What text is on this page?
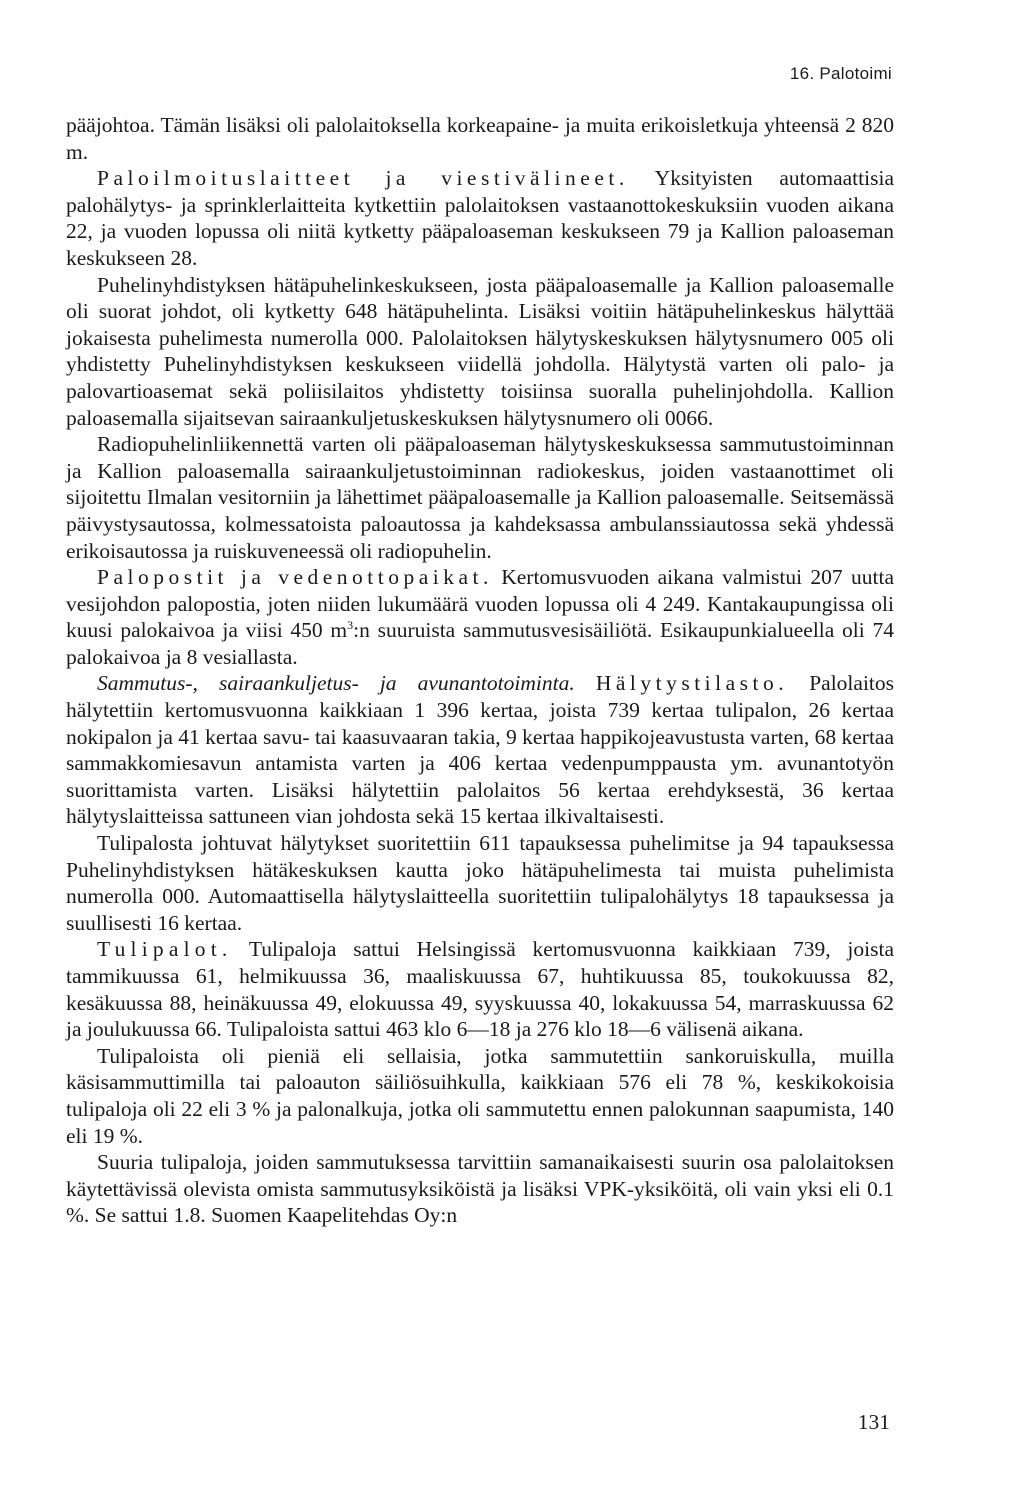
16. Palotoimi

pääjohtoa. Tämän lisäksi oli palolaitoksella korkeapaine- ja muita erikoisletkuja yhteensä 2 820 m.

Paloilmoituslaitteet ja viestivälineet. Yksityisten automaattisia palohälytys- ja sprinklerlaitteita kytkettiin palolaitoksen vastaanottokeskuksiin vuoden aikana 22, ja vuoden lopussa oli niitä kytketty pääpaloaseman keskukseen 79 ja Kallion paloaseman keskukseen 28.

Puhelinyhdistyksen hätäpuhelinkeskukseen, josta pääpaloasemalle ja Kallion paloasemalle oli suorat johdot, oli kytketty 648 hätäpuhelinta. Lisäksi voitiin hätäpuhelinkeskus hälyttää jokaisesta puhelimesta numerolla 000. Palolaitoksen hälytyskeskuksen hälytysnumero 005 oli yhdistetty Puhelinyhdistyksen keskukseen viidellä johdolla. Hälytystä varten oli palo- ja palovartioasemat sekä poliisilaitos yhdistetty toisiinsa suoralla puhelinjohdolla. Kallion paloasemalla sijaitsevan sairaankuljetuskeskuksen hälytysnumero oli 0066.

Radiopuhelinliikennettä varten oli pääpaloaseman hälytyskeskuksessa sammutustoiminnan ja Kallion paloasemalla sairaankuljetustoiminnan radiokeskus, joiden vastaanottimet oli sijoitettu Ilmalan vesitorniin ja lähettimet pääpaloasemalle ja Kallion paloasemalle. Seitsemässä päivystysautossa, kolmessatoista paloautossa ja kahdeksassa ambulanssiautossa sekä yhdessä erikoisautossa ja ruiskuveneessä oli radiopuhelin.

Palopostit ja vedenottopaikat. Kertomusvuoden aikana valmistui 207 uutta vesijohdon palopostia, joten niiden lukumäärä vuoden lopussa oli 4 249. Kantakaupungissa oli kuusi palokaivoa ja viisi 450 $m^3:n$ suuruista sammutusvesisäiliötä. Esikaupunkialueella oli 74 palokaivoa ja 8 vesiallasta.

Sammutus-, sairaankuljetus- ja avunantotoiminta. Hälytystilasto. Palolaitos hälytettiin kertomusvuonna kaikkiaan 1 396 kertaa, joista 739 kertaa tulipalon, 26 kertaa nokipalon ja 41 kertaa savu- tai kaasuvaaran takia, 9 kertaa happikojeavustusta varten, 68 kertaa sammakkomiesavun antamista varten ja 406 kertaa vedenpumppausta ym. avunantotyön suorittamista varten. Lisäksi hälytettiin palolaitos 56 kertaa erehdyksestä, 36 kertaa hälytyslaitteissa sattuneen vian johdosta sekä 15 kertaa ilkivaltaisesti.

Tulipalosta johtuvat hälytykset suoritettiin 611 tapauksessa puhelimitse ja 94 tapauksessa Puhelinyhdistyksen hätäkeskuksen kautta joko hätäpuhelimesta tai muista puhelimista numerolla 000. Automaattisella hälytyslaitteella suoritettiin tulipalohälytys 18 tapauksessa ja suullisesti 16 kertaa.

Tulipalot. Tulipaloja sattui Helsingissä kertomusvuonna kaikkiaan 739, joista tammikuussa 61, helmikuussa 36, maaliskuussa 67, huhtikuussa 85, toukokuussa 82, kesäkuussa 88, heinäkuussa 49, elokuussa 49, syyskuussa 40, lokakuussa 54, marraskuussa 62 ja joulukuussa 66. Tulipaloista sattui 463 klo 6—18 ja 276 klo 18—6 välisenä aikana.

Tulipaloista oli pieniä eli sellaisia, jotka sammutettiin sankoruiskulla, muilla käsisammuttimilla tai paloauton säiliösuihkulla, kaikkiaan 576 eli 78 %, keskikokoisia tulipaloja oli 22 eli 3 % ja palonalkuja, jotka oli sammutettu ennen palokunnan saapumista, 140 eli 19 %.

Suuria tulipaloja, joiden sammutuksessa tarvittiin samanaikaisesti suurin osa palolaitoksen käytettävissä olevista omista sammutusyksiköistä ja lisäksi VPK-yksiköitä, oli vain yksi eli 0.1 %. Se sattui 1.8. Suomen Kaapelitehdas Oy:n

131
